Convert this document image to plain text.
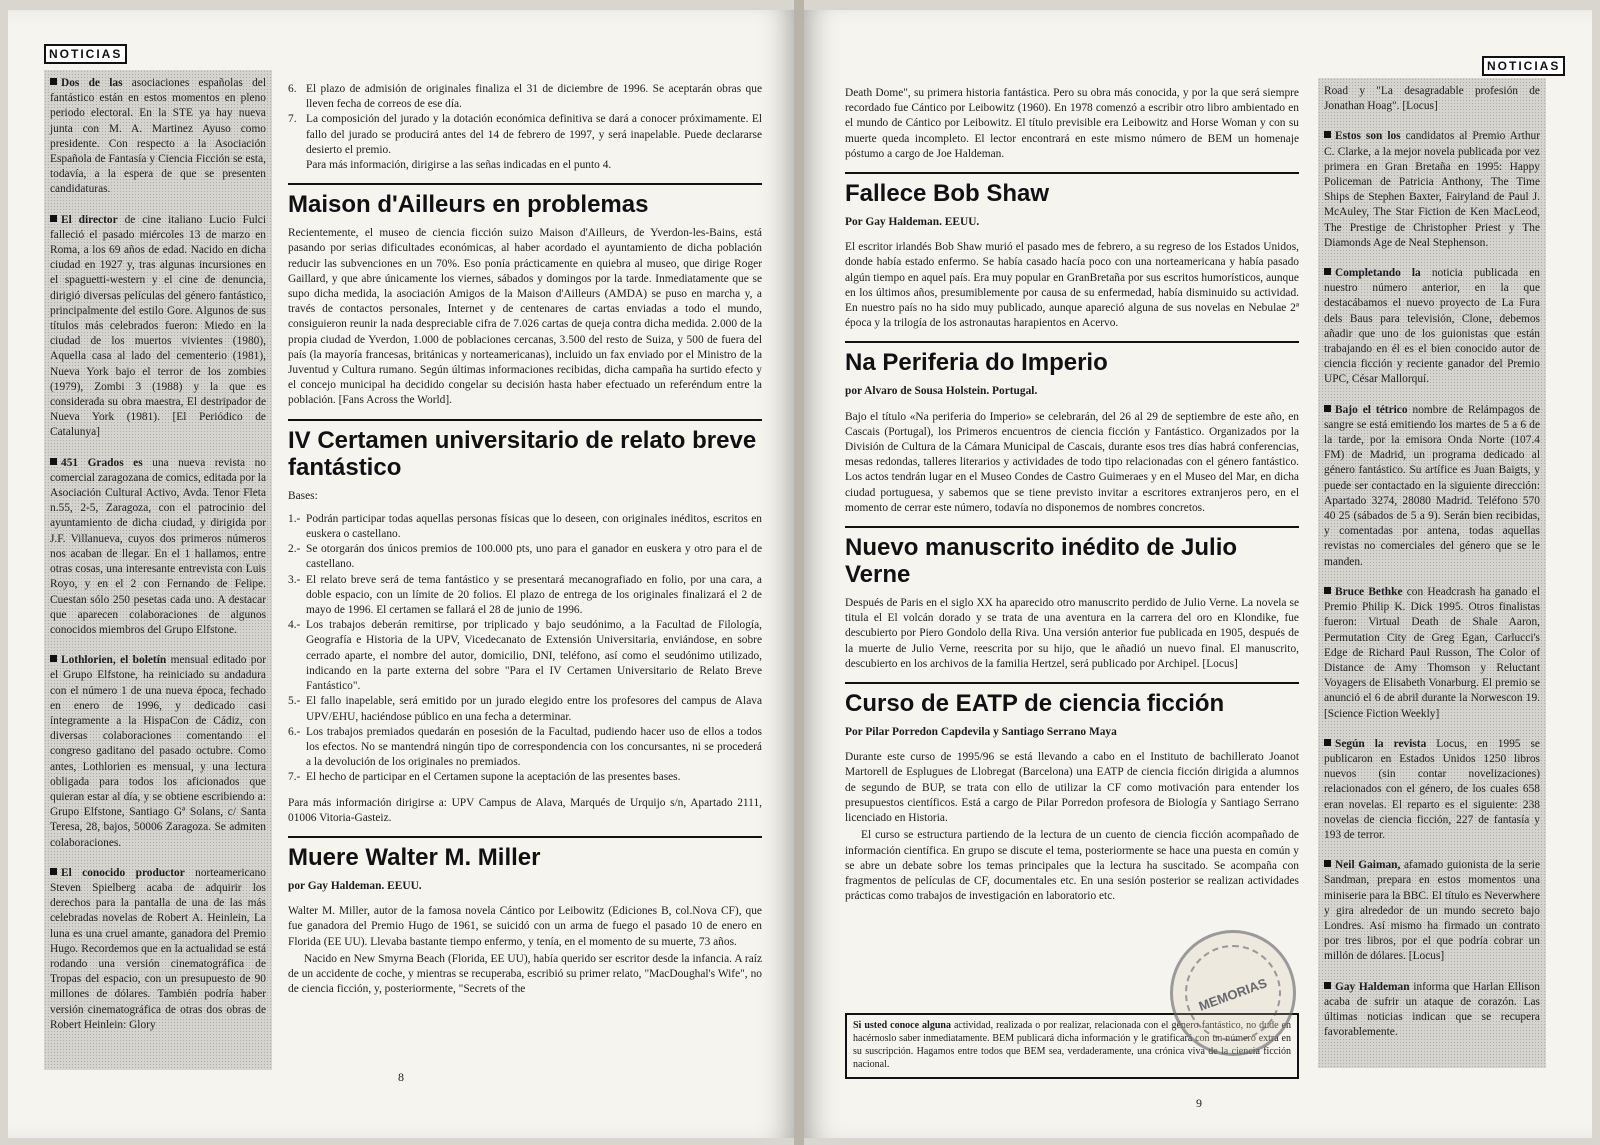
NOTICIAS

Dos de las asociaciones españolas del fantástico están en estos momentos en pleno periodo electoral. En la STE ya hay nueva junta con M. A. Martinez Ayuso como presidente. Con respecto a la Asociación Española de Fantasía y Ciencia Ficción se esta, todavía, a la espera de que se presenten candidaturas.

El director de cine italiano Lucio Fulci falleció el pasado miércoles 13 de marzo en Roma, a los 69 años de edad. Nacido en dicha ciudad en 1927 y, tras algunas incursiones en el spaguetti-western y el cine de denuncia, dirigió diversas películas del género fantástico, principalmente del estilo Gore. Algunos de sus títulos más celebrados fueron: Miedo en la ciudad de los muertos vivientes (1980), Aquella casa al lado del cementerio (1981), Nueva York bajo el terror de los zombies (1979), Zombi 3 (1988) y la que es considerada su obra maestra, El destripador de Nueva York (1981). [El Periódico de Catalunya]

451 Grados es una nueva revista no comercial zaragozana de comics, editada por la Asociación Cultural Activo, Avda. Tenor Fleta n.55, 2-5, Zaragoza, con el patrocinio del ayuntamiento de dicha ciudad, y dirigida por J.F. Villanueva, cuyos dos primeros números nos acaban de llegar. En el 1 hallamos, entre otras cosas, una interesante entrevista con Luis Royo, y en el 2 con Fernando de Felipe. Cuestan sólo 250 pesetas cada uno. A destacar que aparecen colaboraciones de algunos conocidos miembros del Grupo Elfstone.

Lothlorien, el boletín mensual editado por el Grupo Elfstone, ha reiniciado su andadura con el número 1 de una nueva época, fechado en enero de 1996, y dedicado casi íntegramente a la HispaCon de Cádiz, con diversas colaboraciones comentando el congreso gaditano del pasado octubre. Como antes, Lothlorien es mensual, y una lectura obligada para todos los aficionados que quieran estar al día, y se obtiene escribiendo a: Grupo Elfstone, Santiago Gª Solans, c/ Santa Teresa, 28, bajos, 50006 Zaragoza. Se admiten colaboraciones.

El conocido productor norteamericano Steven Spielberg acaba de adquirir los derechos para la pantalla de una de las más celebradas novelas de Robert A. Heinlein, La luna es una cruel amante, ganadora del Premio Hugo. Recordemos que en la actualidad se está rodando una versión cinematográfica de Tropas del espacio, con un presupuesto de 90 millones de dólares. También podría haber versión cinematográfica de otras dos obras de Robert Heinlein: Glory

6. El plazo de admisión de originales finaliza el 31 de diciembre de 1996. Se aceptarán obras que lleven fecha de correos de ese día.
7. La composición del jurado y la dotación económica definitiva se dará a conocer próximamente. El fallo del jurado se producirá antes del 14 de febrero de 1997, y será inapelable. Puede declararse desierto el premio.

Para más información, dirigirse a las señas indicadas en el punto 4.

Maison d'Ailleurs en problemas

Recientemente, el museo de ciencia ficción suizo Maison d'Ailleurs, de Yverdon-les-Bains, está pasando por serias dificultades económicas, al haber acordado el ayuntamiento de dicha población reducir las subvenciones en un 70%. Eso ponía prácticamente en quiebra al museo, que dirige Roger Gaillard, y que abre únicamente los viernes, sábados y domingos por la tarde. Inmediatamente que se supo dicha medida, la asociación Amigos de la Maison d'Ailleurs (AMDA) se puso en marcha y, a través de contactos personales, Internet y de centenares de cartas enviadas a todo el mundo, consiguieron reunir la nada despreciable cifra de 7.026 cartas de queja contra dicha medida. 2.000 de la propia ciudad de Yverdon, 1.000 de poblaciones cercanas, 3.500 del resto de Suiza, y 500 de fuera del país (la mayoría francesas, británicas y norteamericanas), incluido un fax enviado por el Ministro de la Juventud y Cultura rumano. Según últimas informaciones recibidas, dicha campaña ha surtido efecto y el concejo municipal ha decidido congelar su decisión hasta haber efectuado un referéndum entre la población. [Fans Across the World].

IV Certamen universitario de relato breve fantástico

Bases:

1.- Podrán participar todas aquellas personas físicas que lo deseen, con originales inéditos, escritos en euskera o castellano.
2.- Se otorgarán dos únicos premios de 100.000 pts, uno para el ganador en euskera y otro para el de castellano.
3.- El relato breve será de tema fantástico y se presentará mecanografiado en folio, por una cara, a doble espacio, con un límite de 20 folios. El plazo de entrega de los originales finalizará el 2 de mayo de 1996. El certamen se fallará el 28 de junio de 1996.
4.- Los trabajos deberán remitirse, por triplicado y bajo seudónimo, a la Facultad de Filología, Geografía e Historia de la UPV, Vicedecanato de Extensión Universitaria, enviándose, en sobre cerrado aparte, el nombre del autor, domicilio, DNI, teléfono, así como el seudónimo utilizado, indicando en la parte externa del sobre "Para el IV Certamen Universitario de Relato Breve Fantástico".
5.- El fallo inapelable, será emitido por un jurado elegido entre los profesores del campus de Alava UPV/EHU, haciéndose público en una fecha a determinar.
6.- Los trabajos premiados quedarán en posesión de la Facultad, pudiendo hacer uso de ellos a todos los efectos. No se mantendrá ningún tipo de correspondencia con los concursantes, ni se procederá a la devolución de los originales no premiados.
7.- El hecho de participar en el Certamen supone la aceptación de las presentes bases.

Para más información dirigirse a: UPV Campus de Alava, Marqués de Urquijo s/n, Apartado 2111, 01006 Vitoria-Gasteiz.

Muere Walter M. Miller
por Gay Haldeman. EEUU.

Walter M. Miller, autor de la famosa novela Cántico por Leibowitz (Ediciones B, col.Nova CF), que fue ganadora del Premio Hugo de 1961, se suicidó con un arma de fuego el pasado 10 de enero en Florida (EE UU). Llevaba bastante tiempo enfermo, y tenía, en el momento de su muerte, 73 años.

Nacido en New Smyrna Beach (Florida, EE UU), había querido ser escritor desde la infancia. A raíz de un accidente de coche, y mientras se recuperaba, escribió su primer relato, "MacDoughal's Wife", no de ciencia ficción, y, posteriormente, "Secrets of the

8
NOTICIAS

Death Dome", su primera historia fantástica. Pero su obra más conocida, y por la que será siempre recordado fue Cántico por Leibowitz (1960). En 1978 comenzó a escribir otro libro ambientado en el mundo de Cántico por Leibowitz. El título previsible era Leibowitz and Horse Woman y con su muerte queda incompleto. El lector encontrará en este mismo número de BEM un homenaje póstumo a cargo de Joe Haldeman.

Fallece Bob Shaw
Por Gay Haldeman. EEUU.

El escritor irlandés Bob Shaw murió el pasado mes de febrero, a su regreso de los Estados Unidos, donde había estado enfermo. Se había casado hacía poco con una norteamericana y había pasado algún tiempo en aquel país. Era muy popular en GranBretaña por sus escritos humorísticos, aunque en los últimos años, presumiblemente por causa de su enfermedad, había disminuido su actividad. En nuestro país no ha sido muy publicado, aunque apareció alguna de sus novelas en Nebulae 2ª época y la trilogía de los astronautas harapientos en Acervo.

Na Periferia do Imperio
por Alvaro de Sousa Holstein. Portugal.

Bajo el título «Na periferia do Imperio» se celebrarán, del 26 al 29 de septiembre de este año, en Cascais (Portugal), los Primeros encuentros de ciencia ficción y Fantástico. Organizados por la División de Cultura de la Cámara Municipal de Cascais, durante esos tres días habrá conferencias, mesas redondas, talleres literarios y actividades de todo tipo relacionadas con el género fantástico. Los actos tendrán lugar en el Museo Condes de Castro Guimeraes y en el Museo del Mar, en dicha ciudad portuguesa, y sabemos que se tiene previsto invitar a escritores extranjeros pero, en el momento de cerrar este número, todavía no disponemos de nombres concretos.

Nuevo manuscrito inédito de Julio Verne

Después de Paris en el siglo XX ha aparecido otro manuscrito perdido de Julio Verne. La novela se titula el El volcán dorado y se trata de una aventura en la carrera del oro en Klondike, fue descubierto por Piero Gondolo della Riva. Una versión anterior fue publicada en 1905, después de la muerte de Julio Verne, reescrita por su hijo, que le añadió un nuevo final. El manuscrito, descubierto en los archivos de la familia Hertzel, será publicado por Archipel. [Locus]

Curso de EATP de ciencia ficción
Por Pilar Porredon Capdevila y Santiago Serrano Maya

Durante este curso de 1995/96 se está llevando a cabo en el Instituto de bachillerato Joanot Martorell de Esplugues de Llobregat (Barcelona) una EATP de ciencia ficción dirigida a alumnos de segundo de BUP, se trata con ello de utilizar la CF como motivación para entender los presupuestos científicos. Está a cargo de Pilar Porredon profesora de Biología y Santiago Serrano licenciado en Historia.

El curso se estructura partiendo de la lectura de un cuento de ciencia ficción acompañado de información científica. En grupo se discute el tema, posteriormente se hace una puesta en común y se abre un debate sobre los temas principales que la lectura ha suscitado. Se acompaña con fragmentos de películas de CF, documentales etc. En una sesión posterior se realizan actividades prácticas como trabajos de investigación en laboratorio etc.

Si usted conoce alguna actividad, realizada o por realizar, relacionada con el género fantástico, no dude en hacérnoslo saber inmediatamente. BEM publicará dicha información y le gratificará con un número extra en su suscripción. Hagamos entre todos que BEM sea, verdaderamente, una crónica viva de la ciencia ficción nacional.
MEMORIAS

Road y "La desagradable profesión de Jonathan Hoag". [Locus]

Estos son los candidatos al Premio Arthur C. Clarke, a la mejor novela publicada por vez primera en Gran Bretaña en 1995: Happy Policeman de Patricia Anthony, The Time Ships de Stephen Baxter, Fairyland de Paul J. McAuley, The Star Fiction de Ken MacLeod, The Prestige de Christopher Priest y The Diamonds Age de Neal Stephenson.

Completando la noticia publicada en nuestro número anterior, en la que destacábamos el nuevo proyecto de La Fura dels Baus para televisión, Clone, debemos añadir que uno de los guionistas que están trabajando en él es el bien conocido autor de ciencia ficción y reciente ganador del Premio UPC, César Mallorquí.

Bajo el tétrico nombre de Relámpagos de sangre se está emitiendo los martes de 5 a 6 de la tarde, por la emisora Onda Norte (107.4 FM) de Madrid, un programa dedicado al género fantástico. Su artífice es Juan Baigts, y puede ser contactado en la siguiente dirección: Apartado 3274, 28080 Madrid. Teléfono 570 40 25 (sábados de 5 a 9). Serán bien recibidas, y comentadas por antena, todas aquellas revistas no comerciales del género que se le manden.

Bruce Bethke con Headcrash ha ganado el Premio Philip K. Dick 1995. Otros finalistas fueron: Virtual Death de Shale Aaron, Permutation City de Greg Egan, Carlucci's Edge de Richard Paul Russon, The Color of Distance de Amy Thomson y Reluctant Voyagers de Elisabeth Vonarburg. El premio se anunció el 6 de abril durante la Norwescon 19. [Science Fiction Weekly]

Según la revista Locus, en 1995 se publicaron en Estados Unidos 1250 libros nuevos (sin contar novelizaciones) relacionados con el género, de los cuales 658 eran novelas. El reparto es el siguiente: 238 novelas de ciencia ficción, 227 de fantasía y 193 de terror.

Neil Gaiman, afamado guionista de la serie Sandman, prepara en estos momentos una miniserie para la BBC. El título es Neverwhere y gira alrededor de un mundo secreto bajo Londres. Así mismo ha firmado un contrato por tres libros, por el que podría cobrar un millón de dólares. [Locus]

Gay Haldeman informa que Harlan Ellison acaba de sufrir un ataque de corazón. Las últimas noticias indican que se recupera favorablemente.

9
